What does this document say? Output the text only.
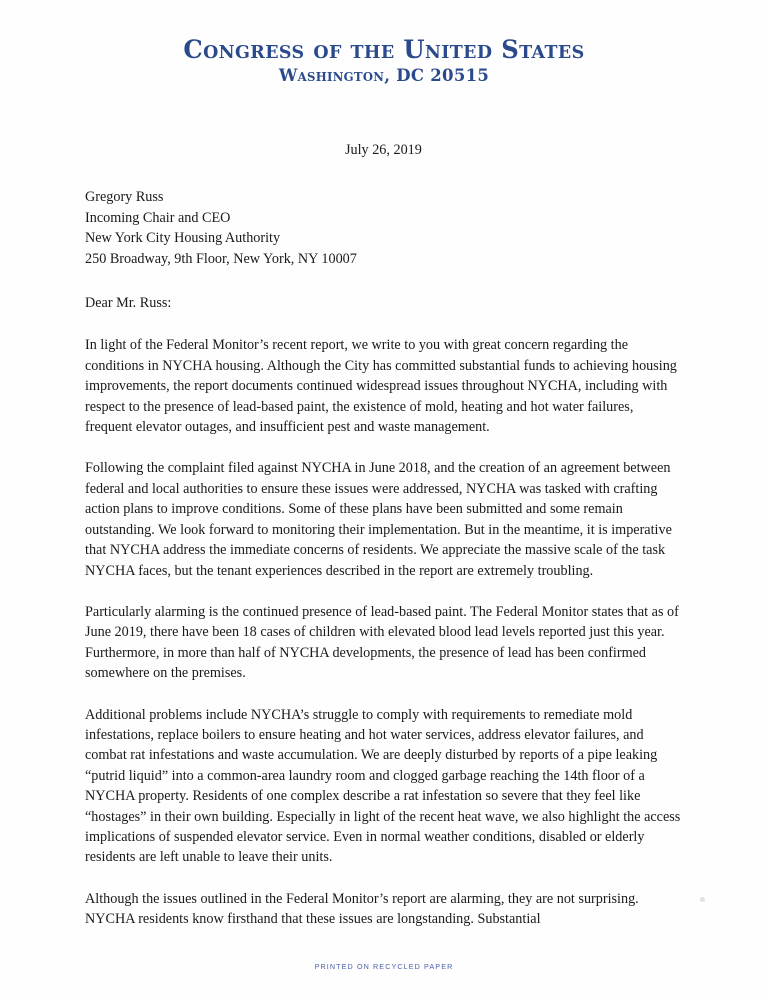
Congress of the United States
Washington, DC 20515
July 26, 2019
Gregory Russ
Incoming Chair and CEO
New York City Housing Authority
250 Broadway, 9th Floor, New York, NY 10007
Dear Mr. Russ:

In light of the Federal Monitor’s recent report, we write to you with great concern regarding the conditions in NYCHA housing. Although the City has committed substantial funds to achieving housing improvements, the report documents continued widespread issues throughout NYCHA, including with respect to the presence of lead-based paint, the existence of mold, heating and hot water failures, frequent elevator outages, and insufficient pest and waste management.

Following the complaint filed against NYCHA in June 2018, and the creation of an agreement between federal and local authorities to ensure these issues were addressed, NYCHA was tasked with crafting action plans to improve conditions. Some of these plans have been submitted and some remain outstanding. We look forward to monitoring their implementation. But in the meantime, it is imperative that NYCHA address the immediate concerns of residents. We appreciate the massive scale of the task NYCHA faces, but the tenant experiences described in the report are extremely troubling.

Particularly alarming is the continued presence of lead-based paint. The Federal Monitor states that as of June 2019, there have been 18 cases of children with elevated blood lead levels reported just this year. Furthermore, in more than half of NYCHA developments, the presence of lead has been confirmed somewhere on the premises.

Additional problems include NYCHA’s struggle to comply with requirements to remediate mold infestations, replace boilers to ensure heating and hot water services, address elevator failures, and combat rat infestations and waste accumulation. We are deeply disturbed by reports of a pipe leaking “putrid liquid” into a common-area laundry room and clogged garbage reaching the 14th floor of a NYCHA property. Residents of one complex describe a rat infestation so severe that they feel like “hostages” in their own building. Especially in light of the recent heat wave, we also highlight the access implications of suspended elevator service. Even in normal weather conditions, disabled or elderly residents are left unable to leave their units.

Although the issues outlined in the Federal Monitor’s report are alarming, they are not surprising. NYCHA residents know firsthand that these issues are longstanding. Substantial

PRINTED ON RECYCLED PAPER
